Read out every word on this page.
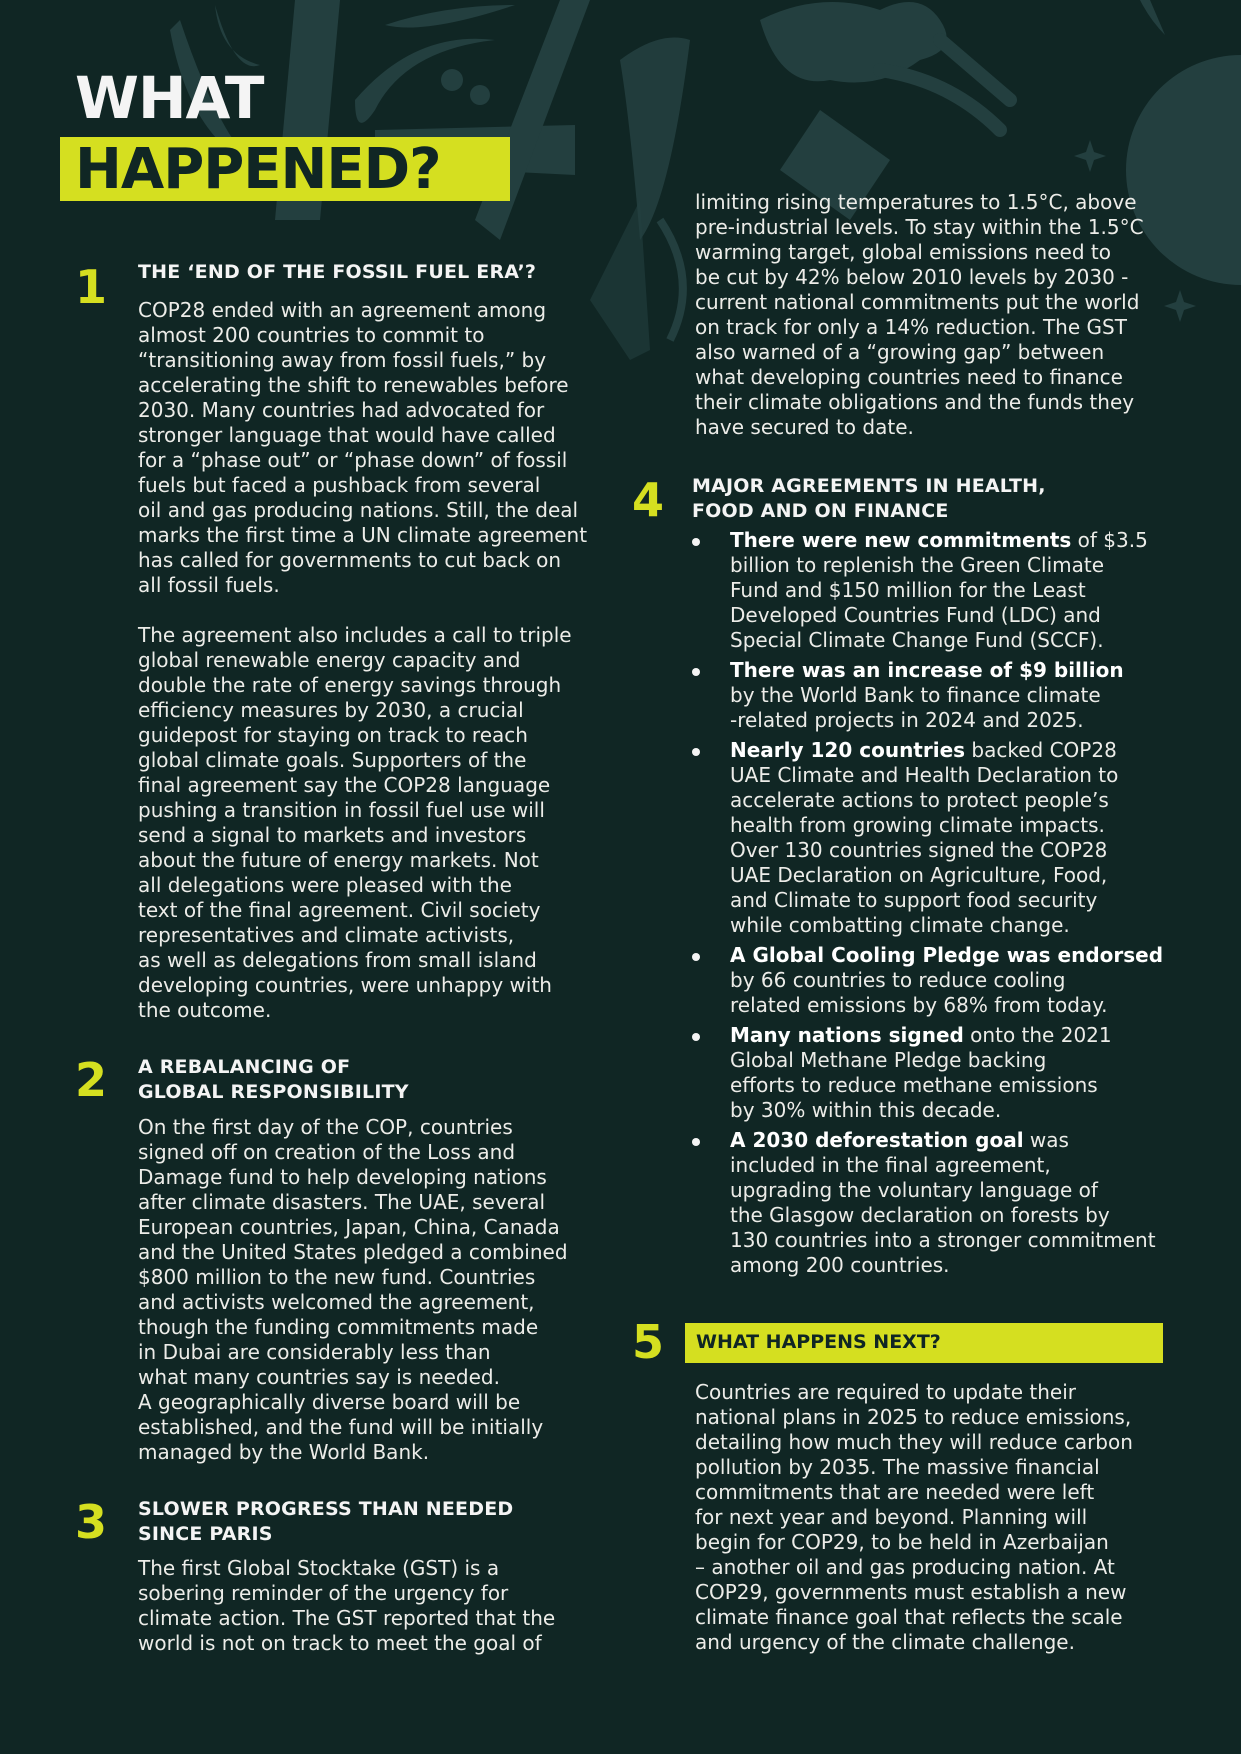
WHAT
HAPPENED?
1 THE ‘END OF THE FOSSIL FUEL ERA’?
COP28 ended with an agreement among
almost 200 countries to commit to
“transitioning away from fossil fuels,” by
accelerating the shift to renewables before
2030. Many countries had advocated for
stronger language that would have called
for a “phase out” or “phase down” of fossil
fuels but faced a pushback from several
oil and gas producing nations. Still, the deal
marks the first time a UN climate agreement
has called for governments to cut back on
all fossil fuels.
The agreement also includes a call to triple
global renewable energy capacity and
double the rate of energy savings through
efficiency measures by 2030, a crucial
guidepost for staying on track to reach
global climate goals. Supporters of the
final agreement say the COP28 language
pushing a transition in fossil fuel use will
send a signal to markets and investors
about the future of energy markets. Not
all delegations were pleased with the
text of the final agreement. Civil society
representatives and climate activists,
as well as delegations from small island
developing countries, were unhappy with
the outcome.
2 A REBALANCING OF
GLOBAL RESPONSIBILITY
On the first day of the COP, countries
signed off on creation of the Loss and
Damage fund to help developing nations
after climate disasters. The UAE, several
European countries, Japan, China, Canada
and the United States pledged a combined
$800 million to the new fund. Countries
and activists welcomed the agreement,
though the funding commitments made
in Dubai are considerably less than
what many countries say is needed.
A geographically diverse board will be
established, and the fund will be initially
managed by the World Bank.
3 SLOWER PROGRESS THAN NEEDED
SINCE PARIS
The first Global Stocktake (GST) is a
sobering reminder of the urgency for
climate action. The GST reported that the
world is not on track to meet the goal of
limiting rising temperatures to 1.5°C, above
pre-industrial levels. To stay within the 1.5°C
warming target, global emissions need to
be cut by 42% below 2010 levels by 2030 -
current national commitments put the world
on track for only a 14% reduction. The GST
also warned of a “growing gap” between
what developing countries need to finance
their climate obligations and the funds they
have secured to date.
4 MAJOR AGREEMENTS IN HEALTH,
FOOD AND ON FINANCE
There were new commitments of $3.5
billion to replenish the Green Climate
Fund and $150 million for the Least
Developed Countries Fund (LDC) and
Special Climate Change Fund (SCCF).
There was an increase of $9 billion
by the World Bank to finance climate
-related projects in 2024 and 2025.
Nearly 120 countries backed COP28
UAE Climate and Health Declaration to
accelerate actions to protect people’s
health from growing climate impacts.
Over 130 countries signed the COP28
UAE Declaration on Agriculture, Food,
and Climate to support food security
while combatting climate change.
A Global Cooling Pledge was endorsed
by 66 countries to reduce cooling
related emissions by 68% from today.
Many nations signed onto the 2021
Global Methane Pledge backing
efforts to reduce methane emissions
by 30% within this decade.
A 2030 deforestation goal was
included in the final agreement,
upgrading the voluntary language of
the Glasgow declaration on forests by
130 countries into a stronger commitment
among 200 countries.
5 WHAT HAPPENS NEXT?
Countries are required to update their
national plans in 2025 to reduce emissions,
detailing how much they will reduce carbon
pollution by 2035. The massive financial
commitments that are needed were left
for next year and beyond. Planning will
begin for COP29, to be held in Azerbaijan
– another oil and gas producing nation. At
COP29, governments must establish a new
climate finance goal that reflects the scale
and urgency of the climate challenge.
